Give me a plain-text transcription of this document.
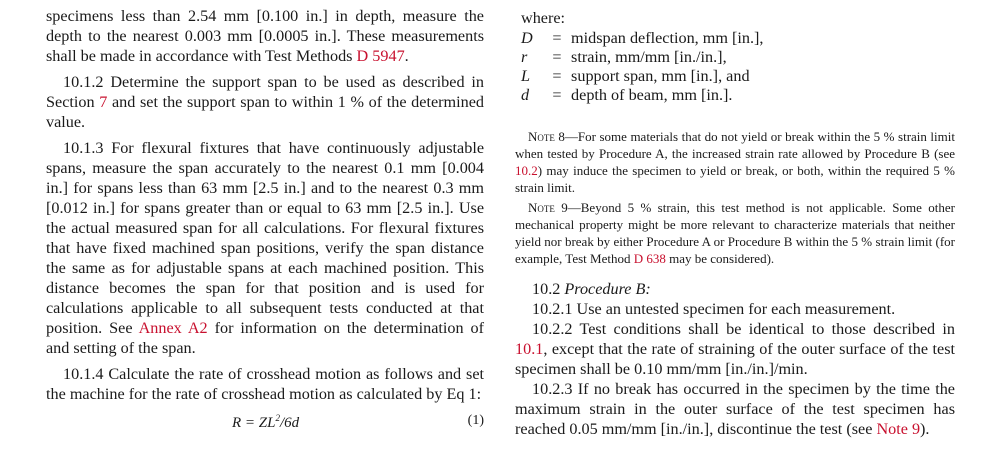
specimens less than 2.54 mm [0.100 in.] in depth, measure the depth to the nearest 0.003 mm [0.0005 in.]. These measurements shall be made in accordance with Test Methods D 5947.

10.1.2 Determine the support span to be used as described in Section 7 and set the support span to within 1 % of the determined value.

10.1.3 For flexural fixtures that have continuously adjustable spans, measure the span accurately to the nearest 0.1 mm [0.004 in.] for spans less than 63 mm [2.5 in.] and to the nearest 0.3 mm [0.012 in.] for spans greater than or equal to 63 mm [2.5 in.]. Use the actual measured span for all calculations. For flexural fixtures that have fixed machined span positions, verify the span distance the same as for adjustable spans at each machined position. This distance becomes the span for that position and is used for calculations applicable to all subsequent tests conducted at that position. See Annex A2 for information on the determination of and setting of the span.

10.1.4 Calculate the rate of crosshead motion as follows and set the machine for the rate of crosshead motion as calculated by Eq 1:

$R = ZL^2/6d$	(1)

where:

D = midspan deflection, mm [in.],
r = strain, mm/mm [in./in.],
L = support span, mm [in.], and
d = depth of beam, mm [in.].

Note 8—For some materials that do not yield or break within the 5 % strain limit when tested by Procedure A, the increased strain rate allowed by Procedure B (see 10.2) may induce the specimen to yield or break, or both, within the required 5 % strain limit.

Note 9—Beyond 5 % strain, this test method is not applicable. Some other mechanical property might be more relevant to characterize materials that neither yield nor break by either Procedure A or Procedure B within the 5 % strain limit (for example, Test Method D 638 may be considered).

10.2 Procedure B:

10.2.1 Use an untested specimen for each measurement.

10.2.2 Test conditions shall be identical to those described in 10.1, except that the rate of straining of the outer surface of the test specimen shall be 0.10 mm/mm [in./in.]/min.

10.2.3 If no break has occurred in the specimen by the time the maximum strain in the outer surface of the test specimen has reached 0.05 mm/mm [in./in.], discontinue the test (see Note 9).
